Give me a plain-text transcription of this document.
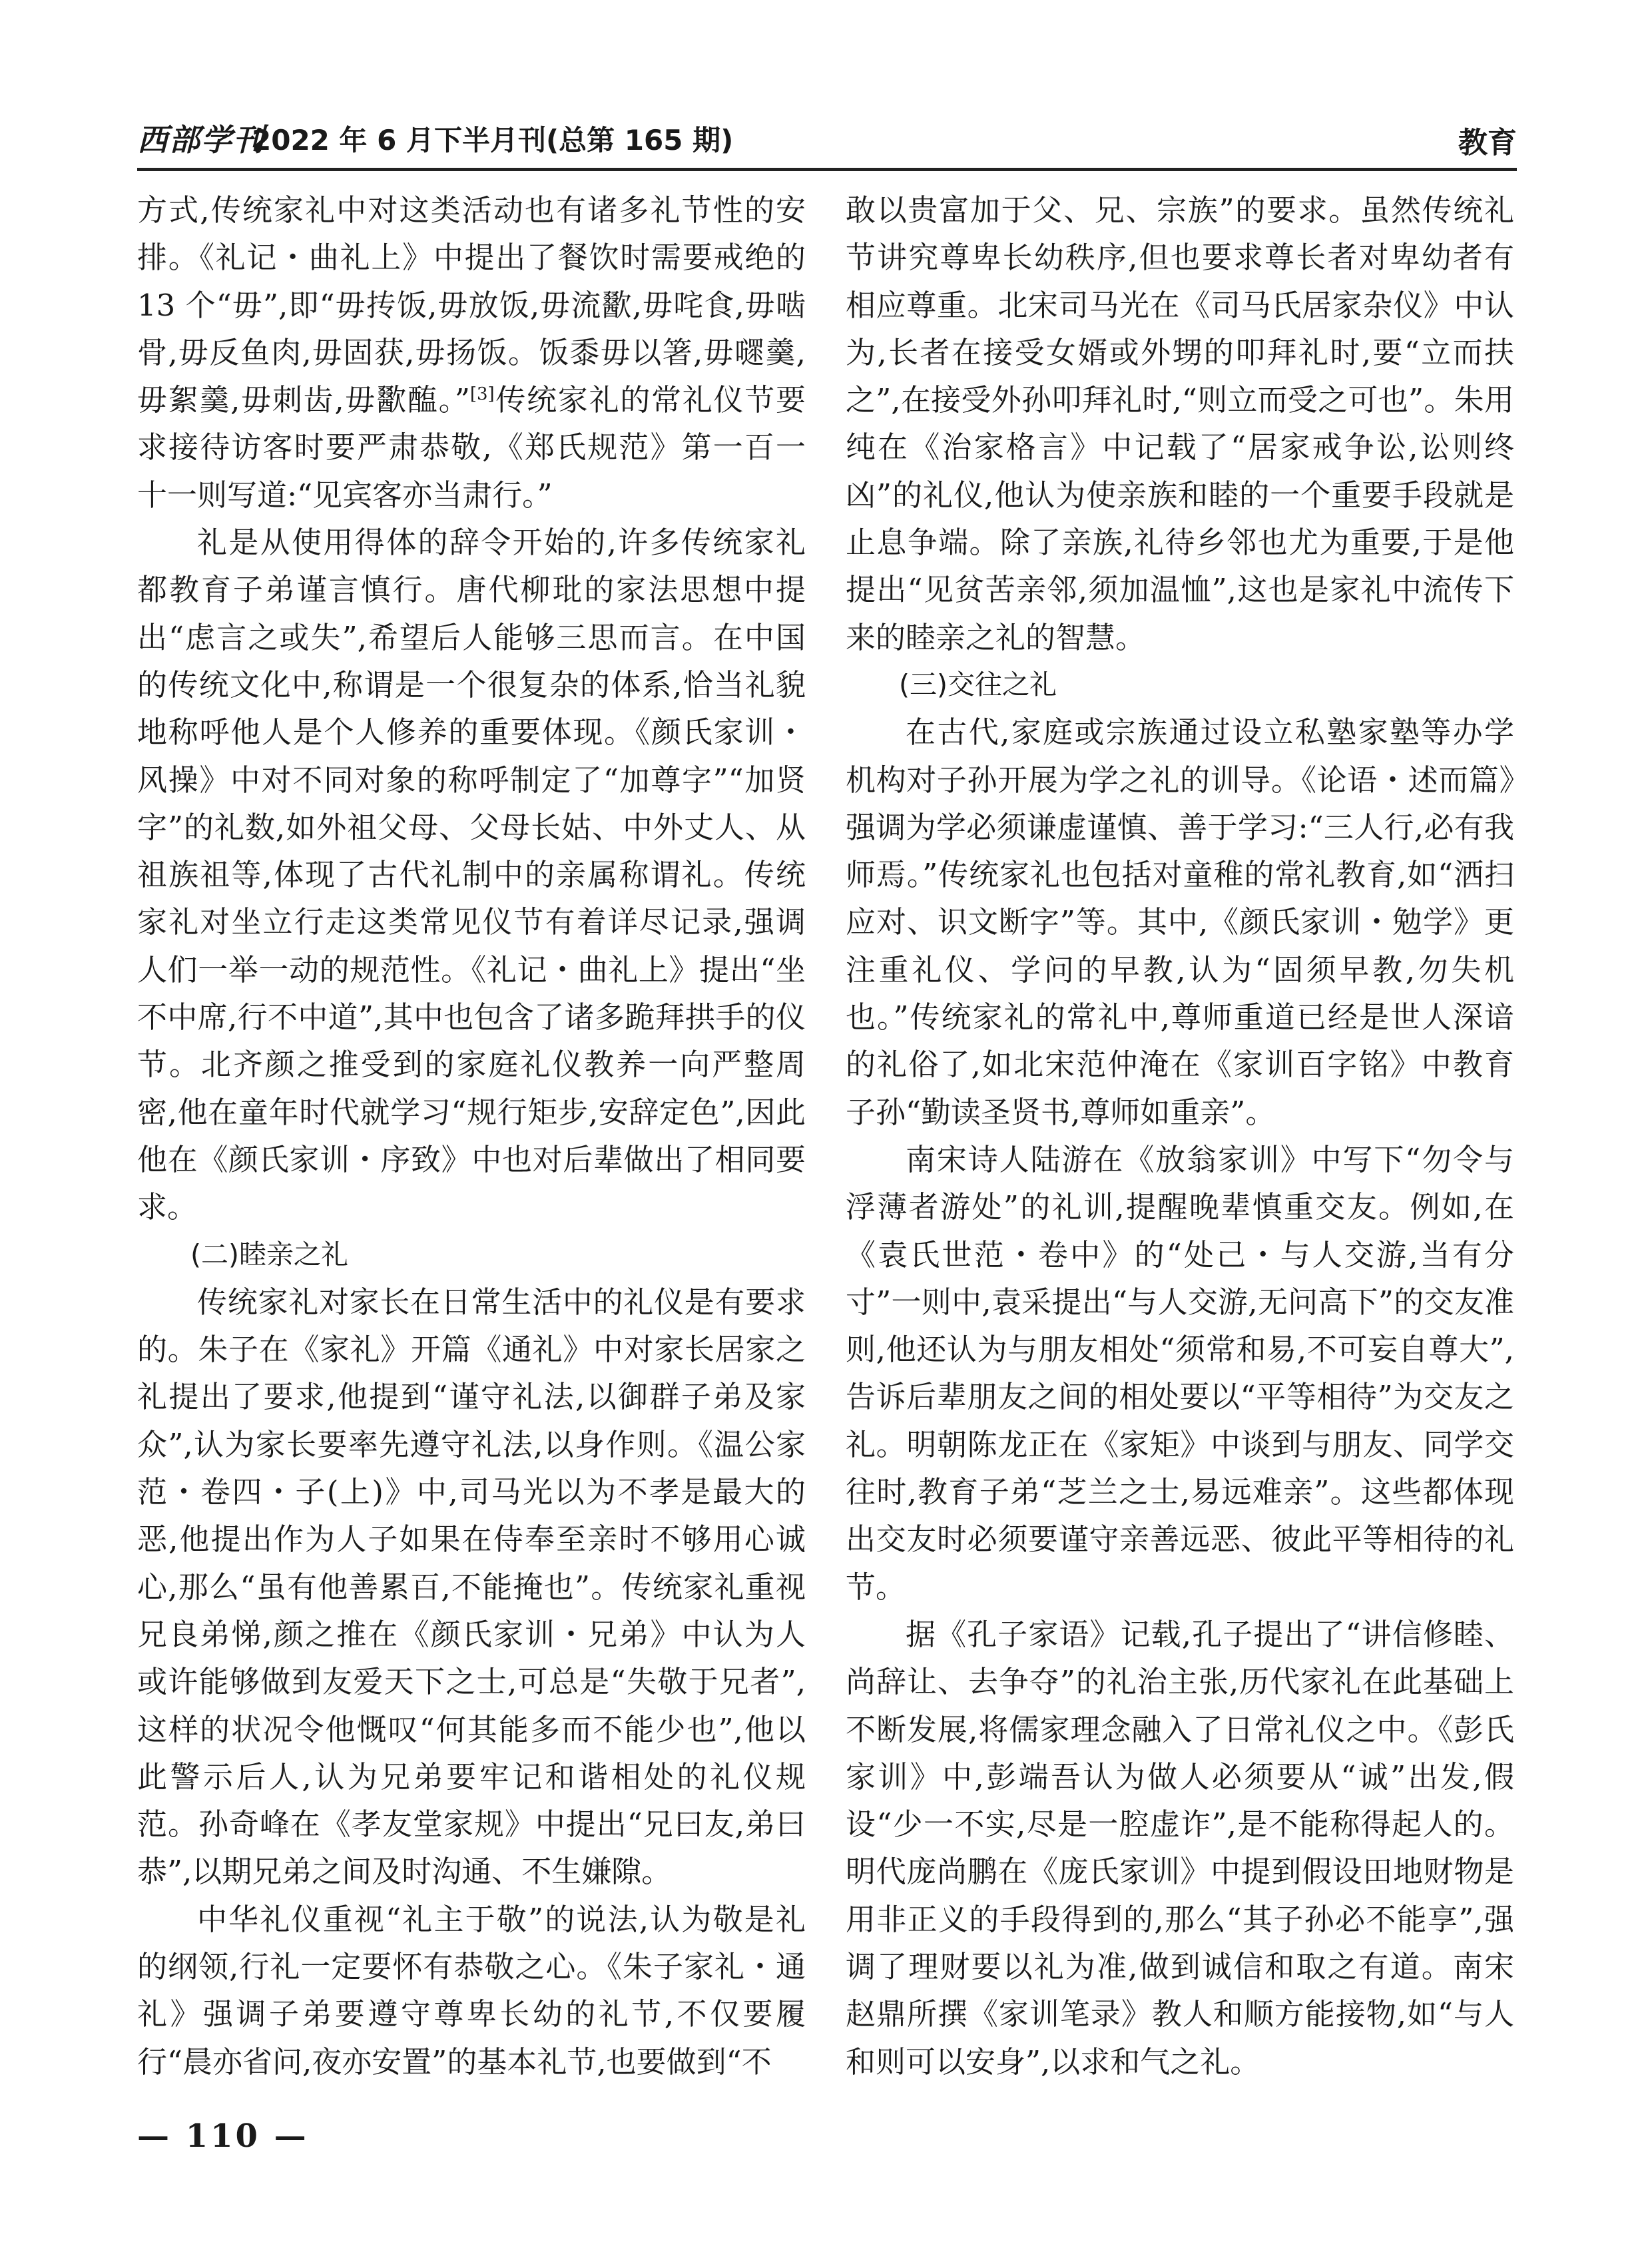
西部学刊
2022 年 6 月下半月刊(总第 165 期)	教育

方式,传统家礼中对这类活动也有诸多礼节性的安排。《礼记・曲礼上》中提出了餐饮时需要戒绝的 13 个“毋”,即“毋抟饭,毋放饭,毋流歠,毋咤食,毋啮骨,毋反鱼肉,毋固获,毋扬饭。饭黍毋以箸,毋嚃羹,毋絮羹,毋刺齿,毋歠醢。”[3]传统家礼的常礼仪节要求接待访客时要严肃恭敬,《郑氏规范》第一百一十一则写道:“见宾客亦当肃行。”

礼是从使用得体的辞令开始的,许多传统家礼都教育子弟谨言慎行。唐代柳玭的家法思想中提出“虑言之或失”,希望后人能够三思而言。在中国的传统文化中,称谓是一个很复杂的体系,恰当礼貌地称呼他人是个人修养的重要体现。《颜氏家训・风操》中对不同对象的称呼制定了“加尊字”“加贤字”的礼数,如外祖父母、父母长姑、中外丈人、从祖族祖等,体现了古代礼制中的亲属称谓礼。传统家礼对坐立行走这类常见仪节有着详尽记录,强调人们一举一动的规范性。《礼记・曲礼上》提出“坐不中席,行不中道”,其中也包含了诸多跪拜拱手的仪节。北齐颜之推受到的家庭礼仪教养一向严整周密,他在童年时代就学习“规行矩步,安辞定色”,因此他在《颜氏家训・序致》中也对后辈做出了相同要求。

(二)睦亲之礼

传统家礼对家长在日常生活中的礼仪是有要求的。朱子在《家礼》开篇《通礼》中对家长居家之礼提出了要求,他提到“谨守礼法,以御群子弟及家众”,认为家长要率先遵守礼法,以身作则。《温公家范・卷四・子(上)》中,司马光以为不孝是最大的恶,他提出作为人子如果在侍奉至亲时不够用心诚心,那么“虽有他善累百,不能掩也”。传统家礼重视兄良弟悌,颜之推在《颜氏家训・兄弟》中认为人或许能够做到友爱天下之士,可总是“失敬于兄者”,这样的状况令他慨叹“何其能多而不能少也”,他以此警示后人,认为兄弟要牢记和谐相处的礼仪规范。孙奇峰在《孝友堂家规》中提出“兄曰友,弟曰恭”,以期兄弟之间及时沟通、不生嫌隙。

中华礼仪重视“礼主于敬”的说法,认为敬是礼的纲领,行礼一定要怀有恭敬之心。《朱子家礼・通礼》强调子弟要遵守尊卑长幼的礼节,不仅要履行“晨亦省问,夜亦安置”的基本礼节,也要做到“不

敢以贵富加于父、兄、宗族”的要求。虽然传统礼节讲究尊卑长幼秩序,但也要求尊长者对卑幼者有相应尊重。北宋司马光在《司马氏居家杂仪》中认为,长者在接受女婿或外甥的叩拜礼时,要“立而扶之”,在接受外孙叩拜礼时,“则立而受之可也”。朱用纯在《治家格言》中记载了“居家戒争讼,讼则终凶”的礼仪,他认为使亲族和睦的一个重要手段就是止息争端。除了亲族,礼待乡邻也尤为重要,于是他提出“见贫苦亲邻,须加温恤”,这也是家礼中流传下来的睦亲之礼的智慧。

(三)交往之礼

在古代,家庭或宗族通过设立私塾家塾等办学机构对子孙开展为学之礼的训导。《论语・述而篇》强调为学必须谦虚谨慎、善于学习:“三人行,必有我师焉。”传统家礼也包括对童稚的常礼教育,如“洒扫应对、识文断字”等。其中,《颜氏家训・勉学》更注重礼仪、学问的早教,认为“固须早教,勿失机也。”传统家礼的常礼中,尊师重道已经是世人深谙的礼俗了,如北宋范仲淹在《家训百字铭》中教育子孙“勤读圣贤书,尊师如重亲”。

南宋诗人陆游在《放翁家训》中写下“勿令与浮薄者游处”的礼训,提醒晚辈慎重交友。例如,在《袁氏世范・卷中》的“处己・与人交游,当有分寸”一则中,袁采提出“与人交游,无问高下”的交友准则,他还认为与朋友相处“须常和易,不可妄自尊大”,告诉后辈朋友之间的相处要以“平等相待”为交友之礼。明朝陈龙正在《家矩》中谈到与朋友、同学交往时,教育子弟“芝兰之士,易远难亲”。这些都体现出交友时必须要谨守亲善远恶、彼此平等相待的礼节。

据《孔子家语》记载,孔子提出了“讲信修睦、尚辞让、去争夺”的礼治主张,历代家礼在此基础上不断发展,将儒家理念融入了日常礼仪之中。《彭氏家训》中,彭端吾认为做人必须要从“诚”出发,假设“少一不实,尽是一腔虚诈”,是不能称得起人的。明代庞尚鹏在《庞氏家训》中提到假设田地财物是用非正义的手段得到的,那么“其子孙必不能享”,强调了理财要以礼为准,做到诚信和取之有道。南宋赵鼎所撰《家训笔录》教人和顺方能接物,如“与人和则可以安身”,以求和气之礼。

— 110 —
